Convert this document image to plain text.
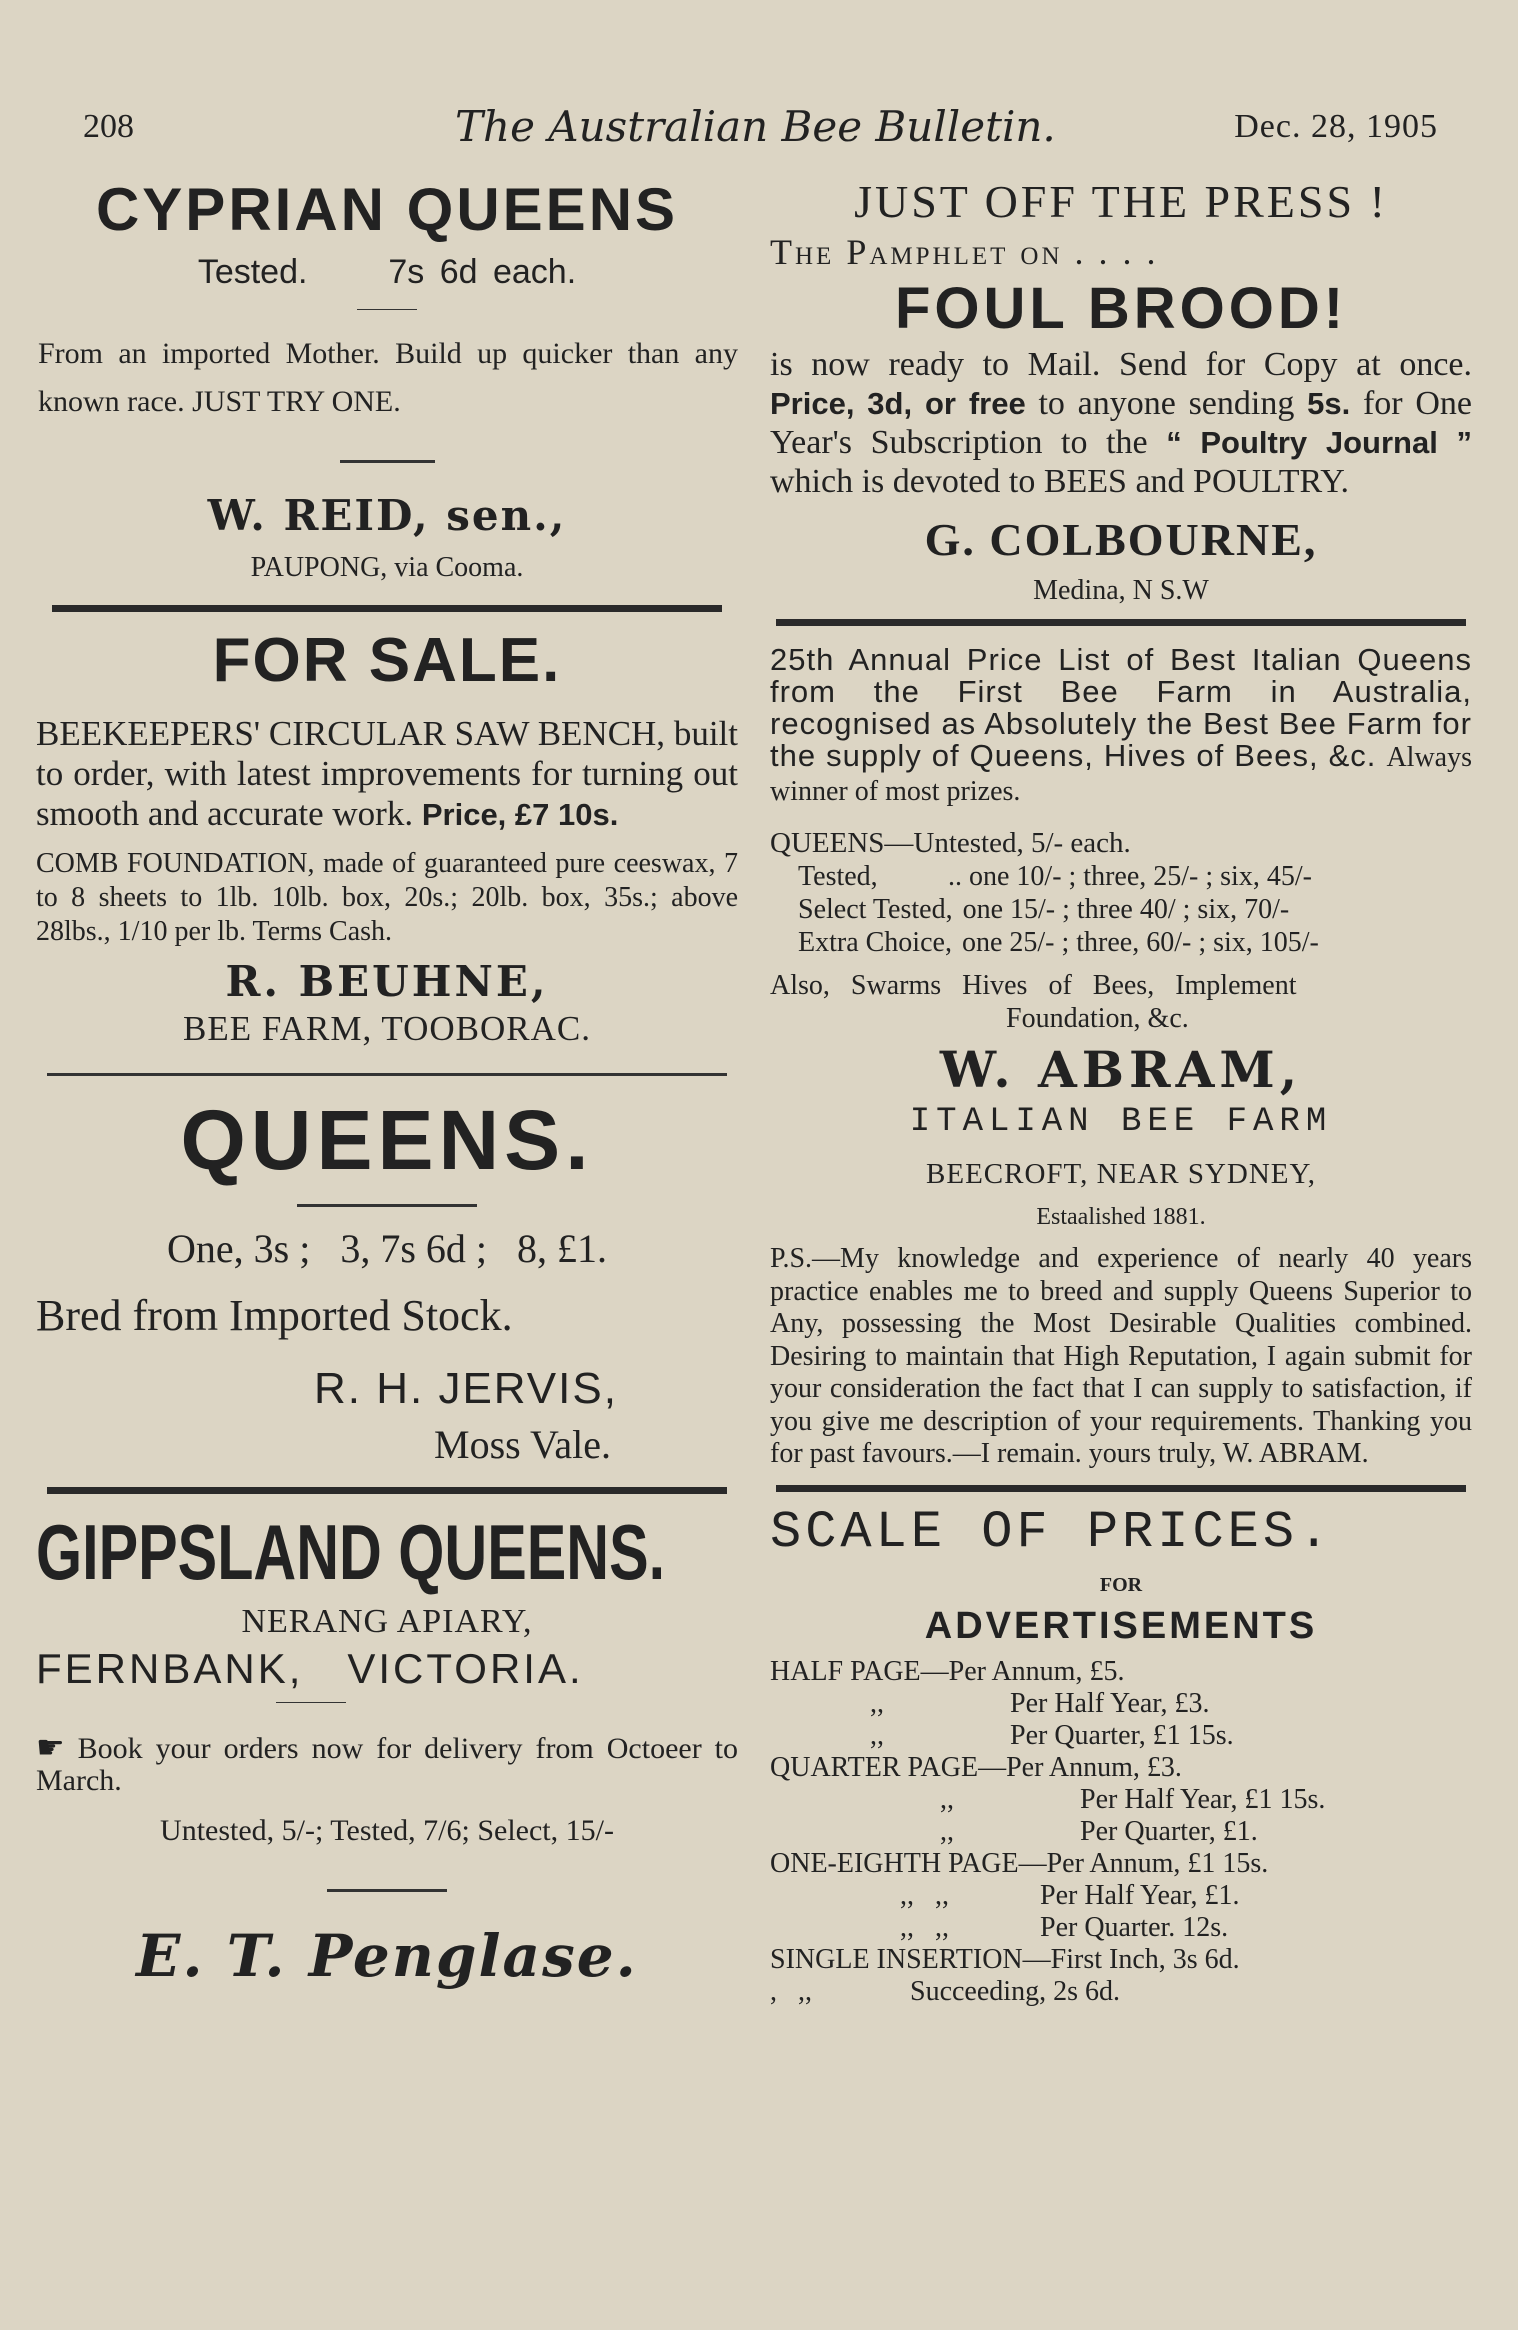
208	The Australian Bee Bulletin.	Dec. 28, 1905
CYPRIAN QUEENS
Tested. 7s 6d each.

From an imported Mother. Build up quicker than any known race. JUST TRY ONE.

W. REID, sen.,
PAUPONG, via Cooma.
FOR SALE.

BEEKEEPERS' CIRCULAR SAW BENCH, built to order, with latest improvements for turning out smooth and accurate work. Price, £7 10s.

COMB FOUNDATION, made of guaranteed pure ceeswax, 7 to 8 sheets to 1lb. 10lb. box, 20s.; 20lb. box, 35s.; above 28lbs., 1/10 per lb. Terms Cash.

R. BEUHNE,
BEE FARM, TOOBORAC.
QUEENS.
One, 3s ;   3, 7s 6d ;   8, £1.
Bred from Imported Stock.
R. H. JERVIS,
Moss Vale.
GIPPSLAND QUEENS.
NERANG APIARY,
FERNBANK,   VICTORIA.

☛ Book your orders now for delivery from Octoeer to March.

Untested, 5/-; Tested, 7/6; Select, 15/-
E. T. Penglase.
JUST OFF THE PRESS !
The Pamphlet on . . . .
FOUL BROOD!

is now ready to Mail. Send for Copy at once. Price, 3d, or free to anyone sending 5s. for One Year's Subscription to the “ Poultry Journal ” which is devoted to BEES and POULTRY.

G. COLBOURNE,
Medina, N S.W

25th Annual Price List of Best Italian Queens from the First Bee Farm in Australia, recognised as Absolutely the Best Bee Farm for the supply of Queens, Hives of Bees, &c. Always winner of most prizes.

QUEENS—Untested, 5/- each.
Tested,	.. one 10/- ; three, 25/- ; six, 45/-
Select Tested, one 15/- ; three 40/ ; six, 70/-
Extra Choice, one 25/- ; three, 60/- ; six, 105/-
Also, Swarms Hives of Bees, Implement
Foundation, &c.
W. ABRAM,
ITALIAN BEE FARM
BEECROFT, NEAR SYDNEY,
Estaalished 1881.

P.S.—My knowledge and experience of nearly 40 years practice enables me to breed and supply Queens Superior to Any, possessing the Most Desirable Qualities combined. Desiring to maintain that High Reputation, I again submit for your consideration the fact that I can supply to satisfaction, if you give me description of your requirements. Thanking you for past favours.—I remain. yours truly, W. ABRAM.

SCALE OF PRICES.
FOR
ADVERTISEMENTS
HALF PAGE— Per Annum, £5.
,,	Per Half Year, £3.
,,	Per Quarter, £1 15s.
QUARTER PAGE— Per Annum, £3.
,,	Per Half Year, £1 15s.
,,	Per Quarter, £1.
ONE-EIGHTH PAGE— Per Annum, £1 15s.
,,   ,,	Per Half Year, £1.
,,   ,,	Per Quarter. 12s.
SINGLE INSERTION— First Inch, 3s 6d.
,   ,,	Succeeding, 2s 6d.
